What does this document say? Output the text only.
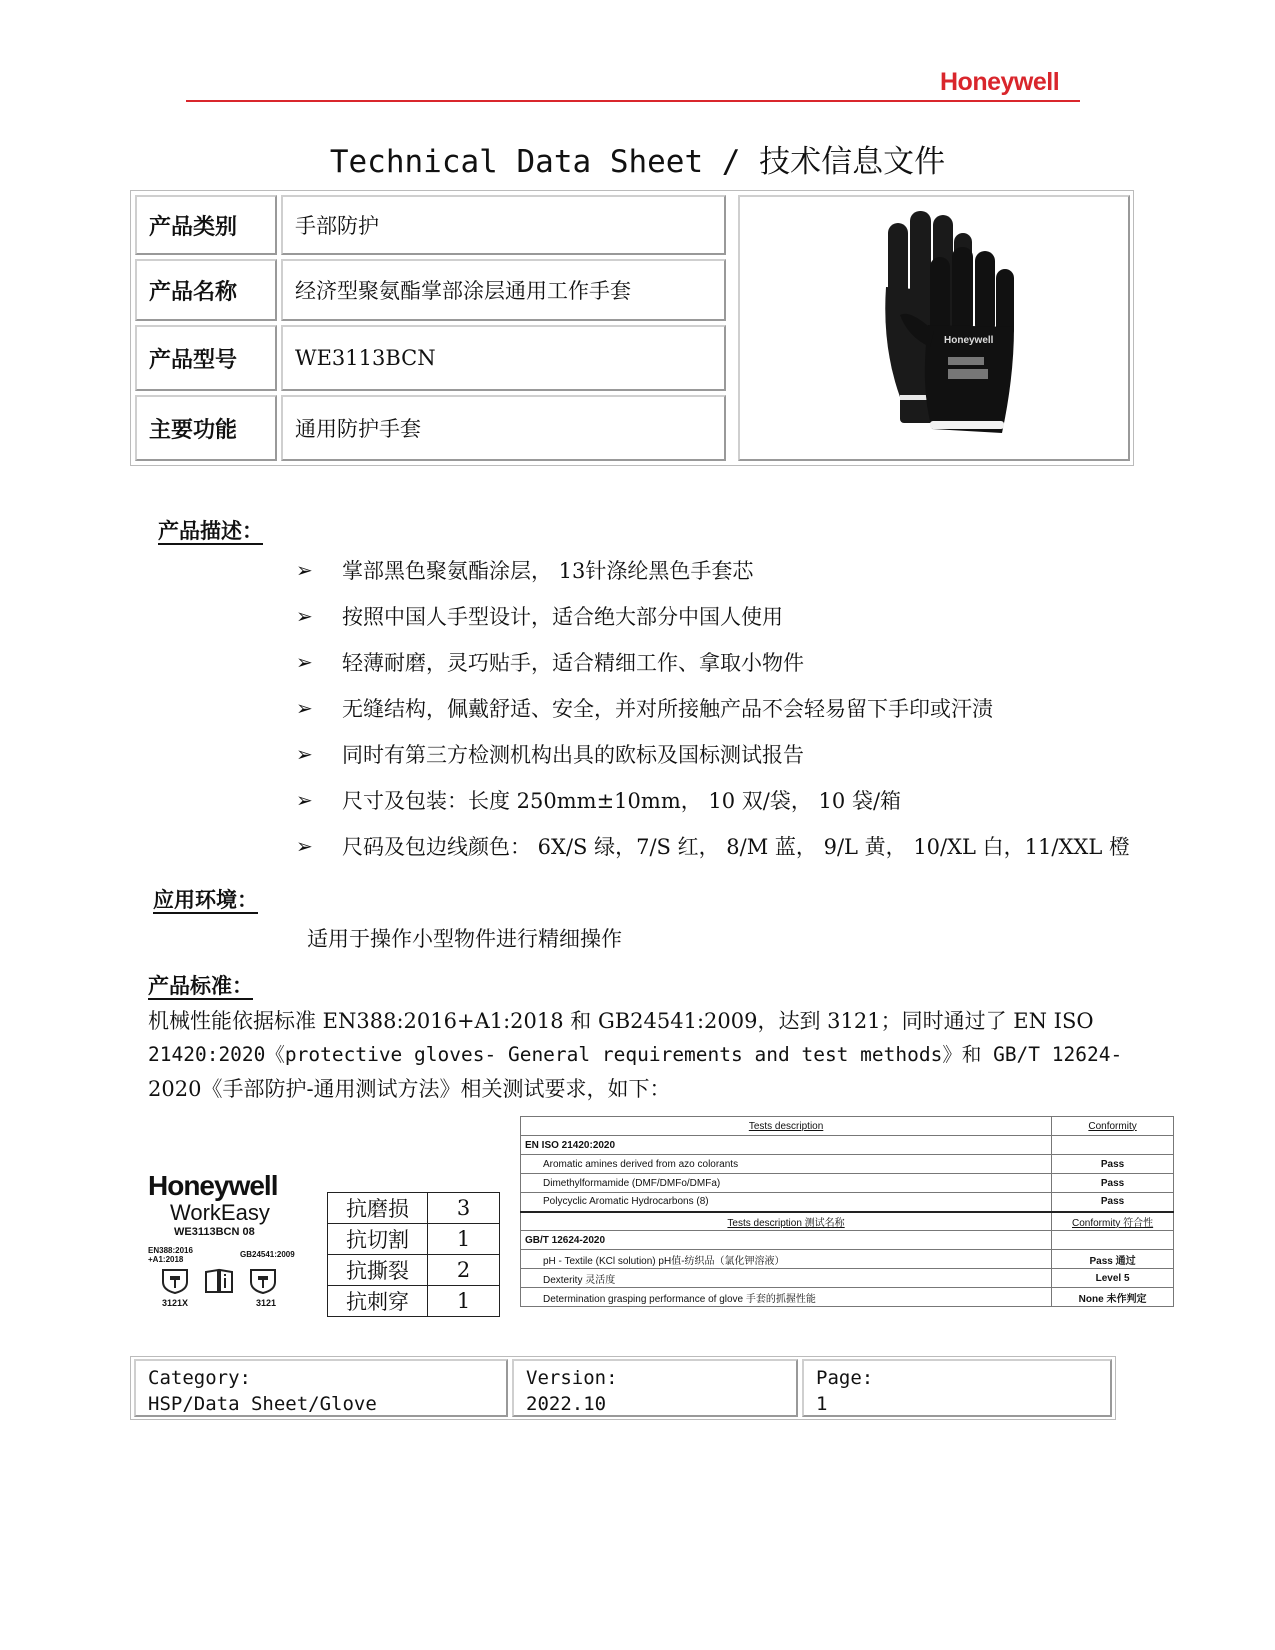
Honeywell
Technical Data Sheet / 技术信息文件
产品类别	手部防护
产品名称	经济型聚氨酯掌部涂层通用工作手套
产品型号	WE3113BCN
主要功能	通用防护手套
Honeywell
产品描述：
➢	掌部黑色聚氨酯涂层， 13针涤纶黑色手套芯
➢	按照中国人手型设计，适合绝大部分中国人使用
➢	轻薄耐磨，灵巧贴手，适合精细工作、拿取小物件
➢	无缝结构，佩戴舒适、安全，并对所接触产品不会轻易留下手印或汗渍
➢	同时有第三方检测机构出具的欧标及国标测试报告
➢	尺寸及包装：长度 250mm±10mm， 10 双/袋， 10 袋/箱
➢	尺码及包边线颜色： 6X/S 绿，7/S 红， 8/M 蓝， 9/L 黄， 10/XL 白，11/XXL 橙
应用环境：
适用于操作小型物件进行精细操作
产品标准：
机械性能依据标准 EN388:2016+A1:2018 和 GB24541:2009，达到 3121；同时通过了 EN ISO
21420:2020《protective gloves- General requirements and test methods》和 GB/T 12624-
2020《手部防护-通用测试方法》相关测试要求，如下：
Honeywell
WorkEasy
WE3113BCN 08
EN388:2016 +A1:2018
GB24541:2009
3121X	3121
抗磨损	3
抗切割	1
抗撕裂	2
抗刺穿	1
Tests description	Conformity
EN ISO 21420:2020	
Aromatic amines derived from azo colorants	Pass
Dimethylformamide (DMF/DMFo/DMFa)	Pass
Polycyclic Aromatic Hydrocarbons (8)	Pass
Tests description 测试名称	Conformity 符合性
GB/T 12624-2020	
pH - Textile (KCl solution) pH值-纺织品（氯化钾溶液）	Pass 通过
Dexterity 灵活度	Level 5
Determination grasping performance of glove 手套的抓握性能	None 未作判定
Category:
HSP/Data Sheet/Glove
Version:
2022.10
Page:
1
